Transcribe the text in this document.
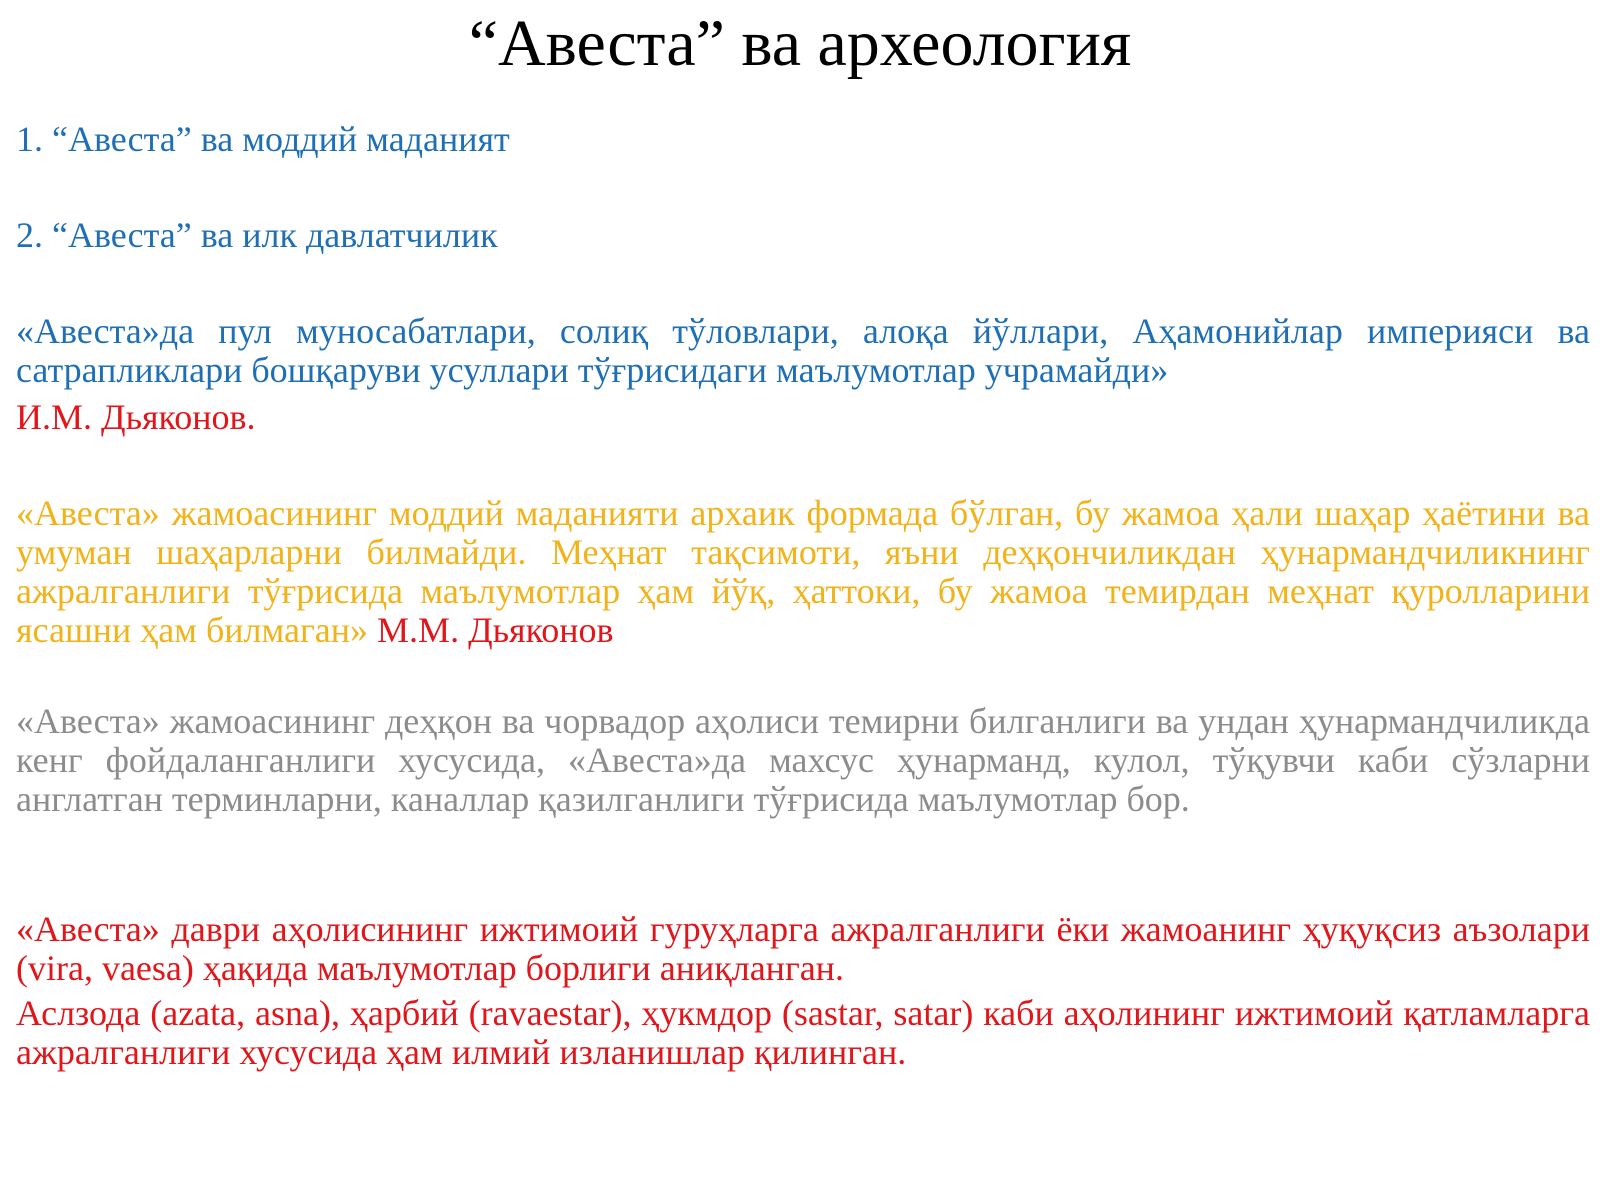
“Авеста” ва археология

1. “Авеста” ва моддий маданият

2. “Авеста” ва илк давлатчилик

«Авеста»да пул муносабатлари, солиқ тўловлари, алоқа йўллари, Аҳамонийлар империяси ва сатрапликлари бошқаруви усуллари тўғрисидаги маълумотлар учрамайди»

И.М. Дьяконов.

«Авеста» жамоасининг моддий маданияти архаик формада бўлган, бу жамоа ҳали шаҳар ҳаётини ва умуман шаҳарларни билмайди. Меҳнат тақсимоти, яъни деҳқончиликдан ҳунармандчиликнинг ажралганлиги тўғрисида маълумотлар ҳам йўқ, ҳаттоки, бу жамоа темирдан меҳнат қуролларини ясашни ҳам билмаган» М.М. Дьяконов

«Авеста» жамоасининг деҳқон ва чорвадор аҳолиси темирни билганлиги ва ундан ҳунармандчиликда кенг фойдаланганлиги хусусида, «Авеста»да махсус ҳунарманд, кулол, тўқувчи каби сўзларни англатган терминларни, каналлар қазилганлиги тўғрисида маълумотлар бор.

«Авеста» даври аҳолисининг ижтимоий гуруҳларга ажралганлиги ёки жамоанинг ҳуқуқсиз аъзолари (vira, vaesa) ҳақида маълумотлар борлиги аниқланган.

Аслзода (azata, asna), ҳарбий (ravaestar), ҳукмдор (sastar, satar) каби аҳолининг ижтимоий қатламларга ажралганлиги хусусида ҳам илмий изланишлар қилинган.
